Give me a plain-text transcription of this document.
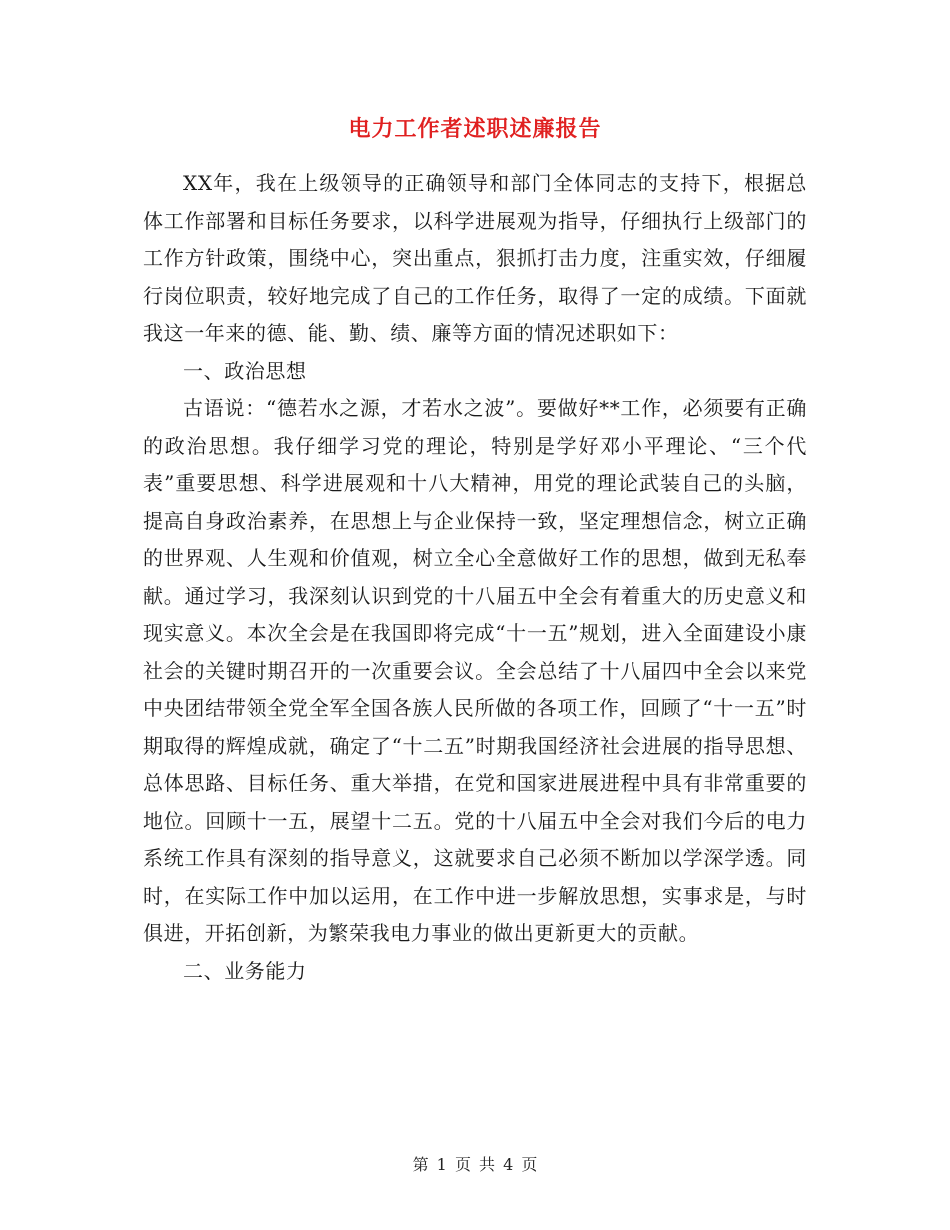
电力工作者述职述廉报告

XX年，我在上级领导的正确领导和部门全体同志的支持下，根据总体工作部署和目标任务要求，以科学进展观为指导，仔细执行上级部门的工作方针政策，围绕中心，突出重点，狠抓打击力度，注重实效，仔细履行岗位职责，较好地完成了自己的工作任务，取得了一定的成绩。下面就我这一年来的德、能、勤、绩、廉等方面的情况述职如下：

一、政治思想

古语说：“德若水之源，才若水之波”。要做好**工作，必须要有正确的政治思想。我仔细学习党的理论，特别是学好邓小平理论、“三个代表”重要思想、科学进展观和十八大精神，用党的理论武装自己的头脑，提高自身政治素养，在思想上与企业保持一致，坚定理想信念，树立正确的世界观、人生观和价值观，树立全心全意做好工作的思想，做到无私奉献。通过学习，我深刻认识到党的十八届五中全会有着重大的历史意义和现实意义。本次全会是在我国即将完成“十一五”规划，进入全面建设小康社会的关键时期召开的一次重要会议。全会总结了十八届四中全会以来党中央团结带领全党全军全国各族人民所做的各项工作，回顾了“十一五”时期取得的辉煌成就，确定了“十二五”时期我国经济社会进展的指导思想、总体思路、目标任务、重大举措，在党和国家进展进程中具有非常重要的地位。回顾十一五，展望十二五。党的十八届五中全会对我们今后的电力系统工作具有深刻的指导意义，这就要求自己必须不断加以学深学透。同时，在实际工作中加以运用，在工作中进一步解放思想，实事求是，与时俱进，开拓创新，为繁荣我电力事业的做出更新更大的贡献。

二、业务能力

第 1 页 共 4 页
